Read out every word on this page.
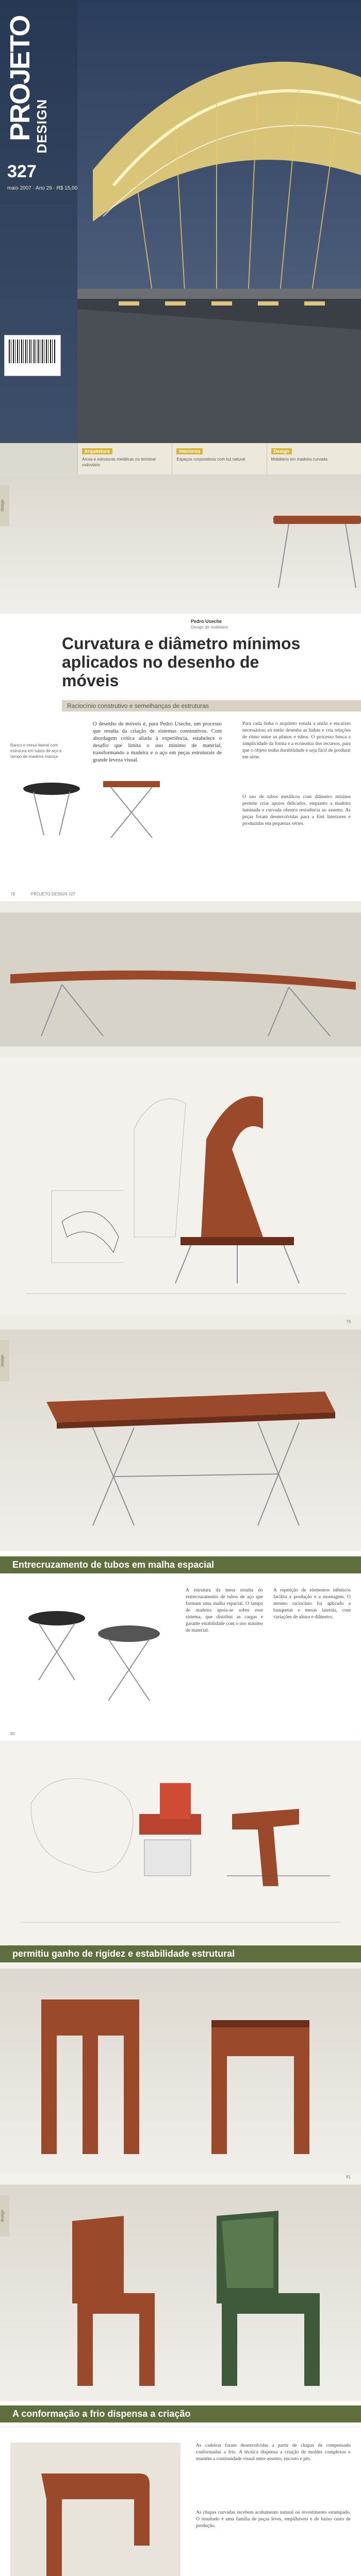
PROJETO
DESIGN
327
maio 2007 · Ano 29 · R$ 15,00
Arquitetura
Arcos e estruturas metálicas no terminal rodoviário
Interiores
Espaços corporativos com luz natural
Design
Mobiliário em madeira curvada
design
Pedro Useche
Design de mobiliário
Curvatura e diâmetro mínimos aplicados no desenho de móveis
Raciocínio construtivo e semelhanças de estruturas

O desenho de móveis é, para Pedro Useche, um processo que resulta da criação de sistemas construtivos. Com abordagem crítica aliada à experiência, estabelece o desafio que limita o uso mínimo de material, transformando a madeira e o aço em peças estruturais de grande leveza visual.

Para cada linha o arquiteto estuda a união e encaixes necessários; só então desenha as linhas e cria relações de ritmo entre os planos e tubos. O processo busca a simplicidade da forma e a economia dos recursos, para que o objeto tenha durabilidade e seja fácil de produzir em série.

O uso de tubos metálicos com diâmetro mínimo permite criar apoios delicados, enquanto a madeira laminada e curvada oferece resistência ao assento. As peças foram desenvolvidas para a Etel Interiores e produzidas em pequenas séries.

Banco e mesa lateral com estrutura em tubos de aço e tampo de madeira maciça
78	PROJETO DESIGN 327
79
design
Entrecruzamento de tubos em malha espacial

A estrutura da mesa resulta do entrecruzamento de tubos de aço que formam uma malha espacial. O tampo de madeira apoia-se sobre esse sistema, que distribui as cargas e garante estabilidade com o uso mínimo de material.

A repetição de elementos idênticos facilita a produção e a montagem. O mesmo raciocínio foi aplicado a banquetas e mesas laterais, com variações de altura e diâmetro.

80
permitiu ganho de rigidez e estabilidade estrutural
81
design
A conformação a frio dispensa a criação

As cadeiras foram desenvolvidas a partir de chapas de compensado conformadas a frio. A técnica dispensa a criação de moldes complexos e mantém a continuidade visual entre assento, encosto e pés.

As chapas curvadas recebem acabamento natural ou revestimento estampado. O resultado é uma família de peças leves, empilháveis e de baixo custo de produção.
